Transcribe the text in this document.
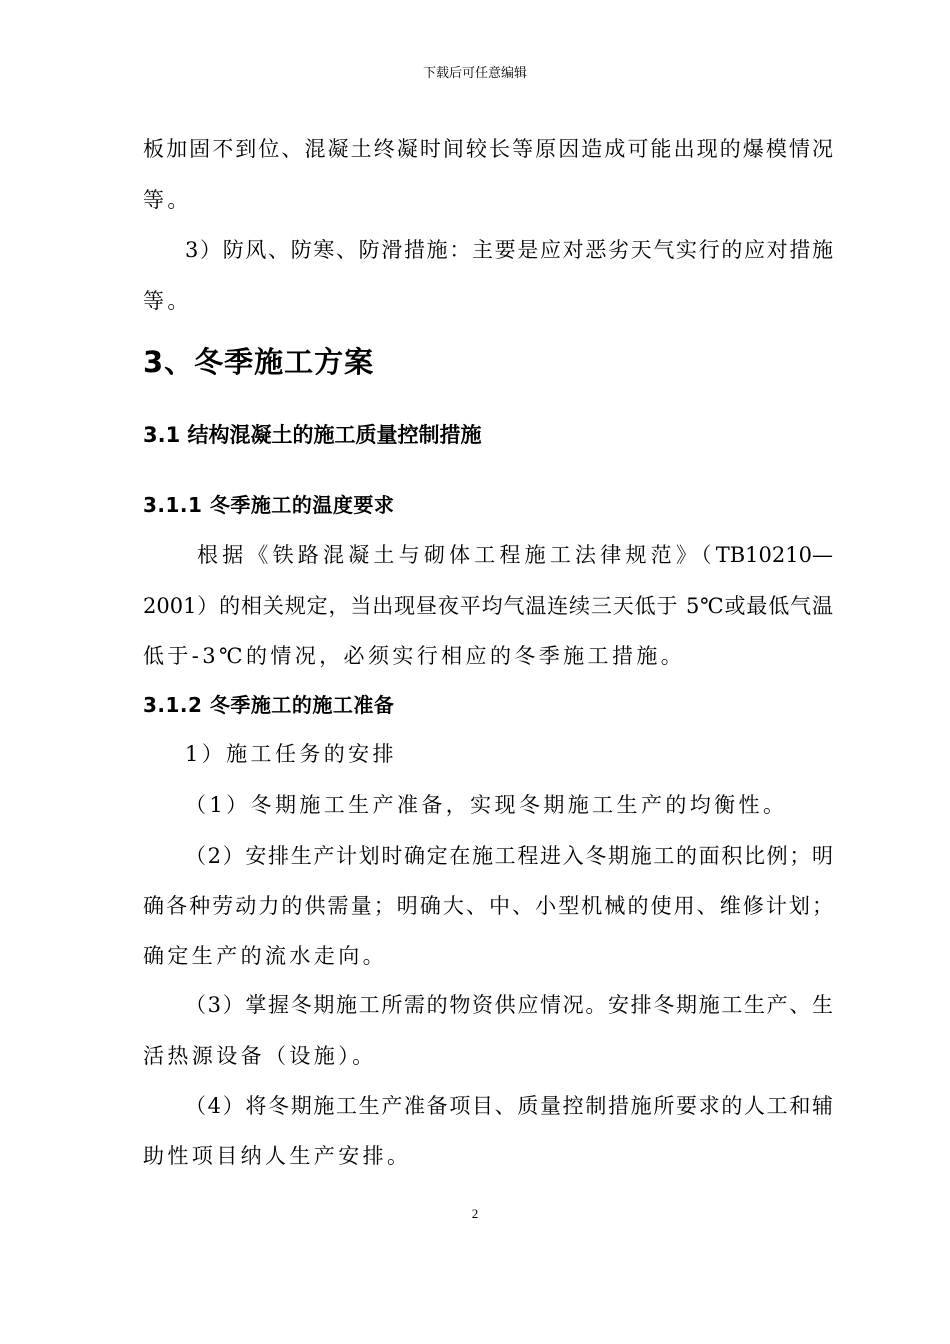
下载后可任意编辑
板加固不到位、混凝土终凝时间较长等原因造成可能出现的爆模情况
等。
3）防风、防寒、防滑措施：主要是应对恶劣天气实行的应对措施
等。
3、冬季施工方案
3.1 结构混凝土的施工质量控制措施
3.1.1 冬季施工的温度要求
根据《铁路混凝土与砌体工程施工法律规范》（TB10210—
2001）的相关规定，当出现昼夜平均气温连续三天低于 5℃或最低气温
低于-3℃的情况，必须实行相应的冬季施工措施。
3.1.2 冬季施工的施工准备
1）施工任务的安排
（1）冬期施工生产准备，实现冬期施工生产的均衡性。
（2）安排生产计划时确定在施工程进入冬期施工的面积比例；明
确各种劳动力的供需量；明确大、中、小型机械的使用、维修计划；
确定生产的流水走向。
（3）掌握冬期施工所需的物资供应情况。安排冬期施工生产、生
活热源设备（设施）。
（4）将冬期施工生产准备项目、质量控制措施所要求的人工和辅
助性项目纳人生产安排。
2
